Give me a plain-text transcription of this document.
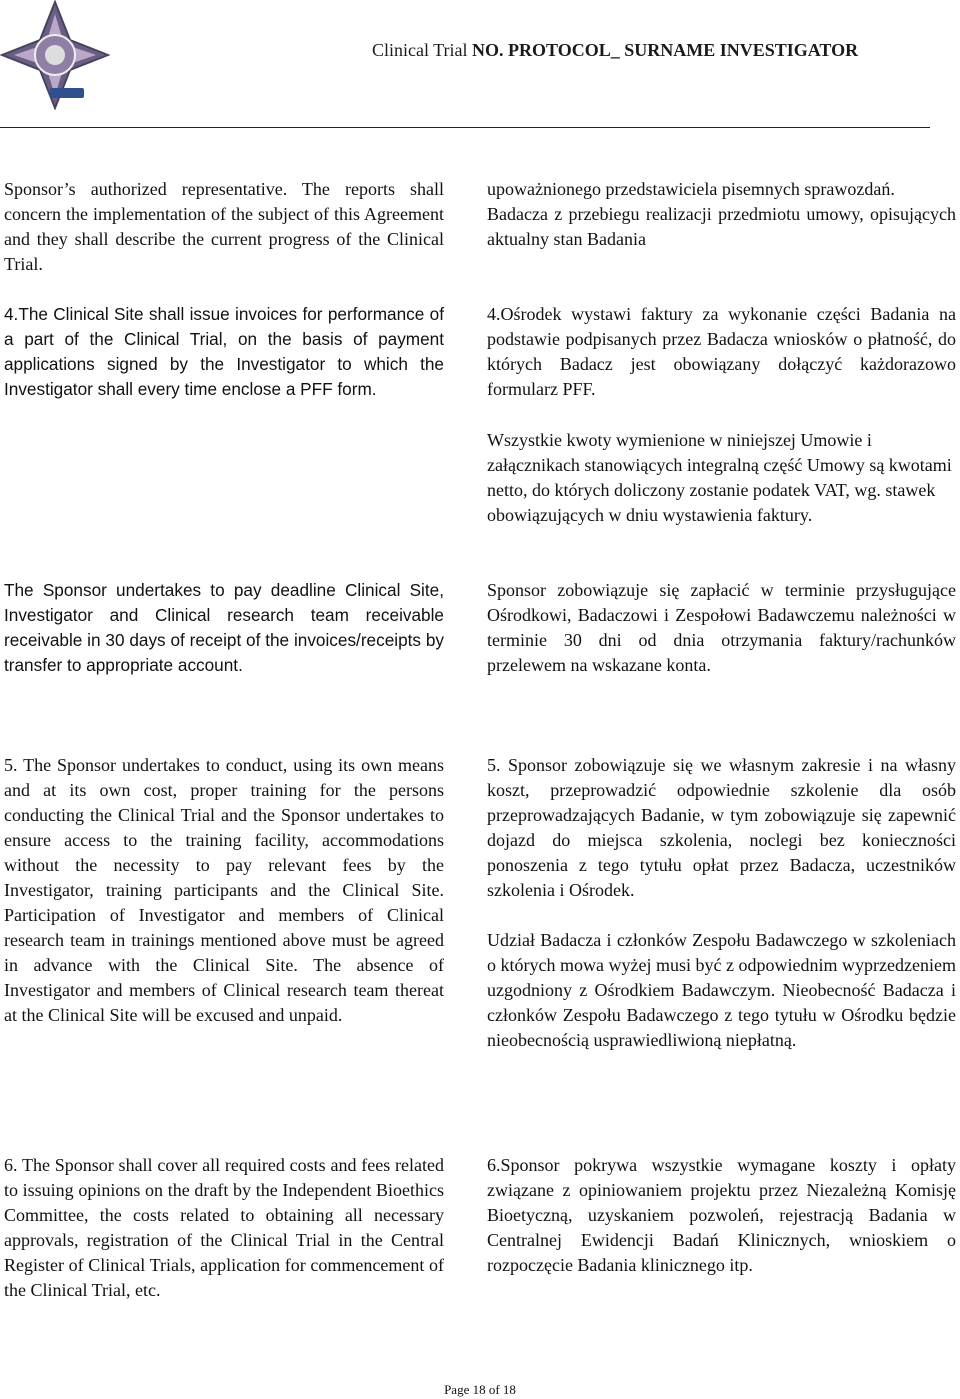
Clinical Trial NO. PROTOCOL_ SURNAME INVESTIGATOR
Sponsor’s authorized representative. The reports shall concern the implementation of the subject of this Agreement and they shall describe the current progress of the Clinical Trial.
4.The Clinical Site shall issue invoices for performance of a part of the Clinical Trial, on the basis of payment applications signed by the Investigator to which the Investigator shall every time enclose a PFF form.
The Sponsor undertakes to pay deadline Clinical Site, Investigator and Clinical research team receivable receivable in 30 days of receipt of the invoices/receipts by transfer to appropriate account.
5. The Sponsor undertakes to conduct, using its own means and at its own cost, proper training for the persons conducting the Clinical Trial and the Sponsor undertakes to ensure access to the training facility, accommodations without the necessity to pay relevant fees by the Investigator, training participants and the Clinical Site. Participation of Investigator and members of Clinical research team in trainings mentioned above must be agreed in advance with the Clinical Site. The absence of Investigator and members of Clinical research team thereat at the Clinical Site will be excused and unpaid.
6. The Sponsor shall cover all required costs and fees related to issuing opinions on the draft by the Independent Bioethics Committee, the costs related to obtaining all necessary approvals, registration of the Clinical Trial in the Central Register of Clinical Trials, application for commencement of the Clinical Trial, etc.
upoważnionego przedstawiciela pisemnych sprawozdań.
Badacza z przebiegu realizacji przedmiotu umowy, opisujących aktualny stan Badania
4.Ośrodek wystawi faktury za wykonanie części Badania na podstawie podpisanych przez Badacza wniosków o płatność, do których Badacz jest obowiązany dołączyć każdorazowo formularz PFF.
Wszystkie kwoty wymienione w niniejszej Umowie i załącznikach stanowiących integralną część Umowy są kwotami netto, do których doliczony zostanie podatek VAT, wg. stawek obowiązujących w dniu wystawienia faktury.
Sponsor zobowiązuje się zapłacić w terminie przysługujące Ośrodkowi, Badaczowi i Zespołowi Badawczemu należności w terminie 30 dni od dnia otrzymania faktury/rachunków przelewem na wskazane konta.
5. Sponsor zobowiązuje się we własnym zakresie i na własny koszt, przeprowadzić odpowiednie szkolenie dla osób przeprowadzających Badanie, w tym zobowiązuje się zapewnić dojazd do miejsca szkolenia, noclegi bez konieczności ponoszenia z tego tytułu opłat przez Badacza, uczestników szkolenia i Ośrodek.
Udział Badacza i członków Zespołu Badawczego w szkoleniach o których mowa wyżej musi być z odpowiednim wyprzedzeniem uzgodniony z Ośrodkiem Badawczym. Nieobecność Badacza i członków Zespołu Badawczego z tego tytułu w Ośrodku będzie nieobecnością usprawiedliwioną niepłatną.
6.Sponsor pokrywa wszystkie wymagane koszty i opłaty związane z opiniowaniem projektu przez Niezależną Komisję Bioetyczną, uzyskaniem pozwoleń, rejestracją Badania w Centralnej Ewidencji Badań Klinicznych, wnioskiem o rozpoczęcie Badania klinicznego itp.
Page 18 of 18
